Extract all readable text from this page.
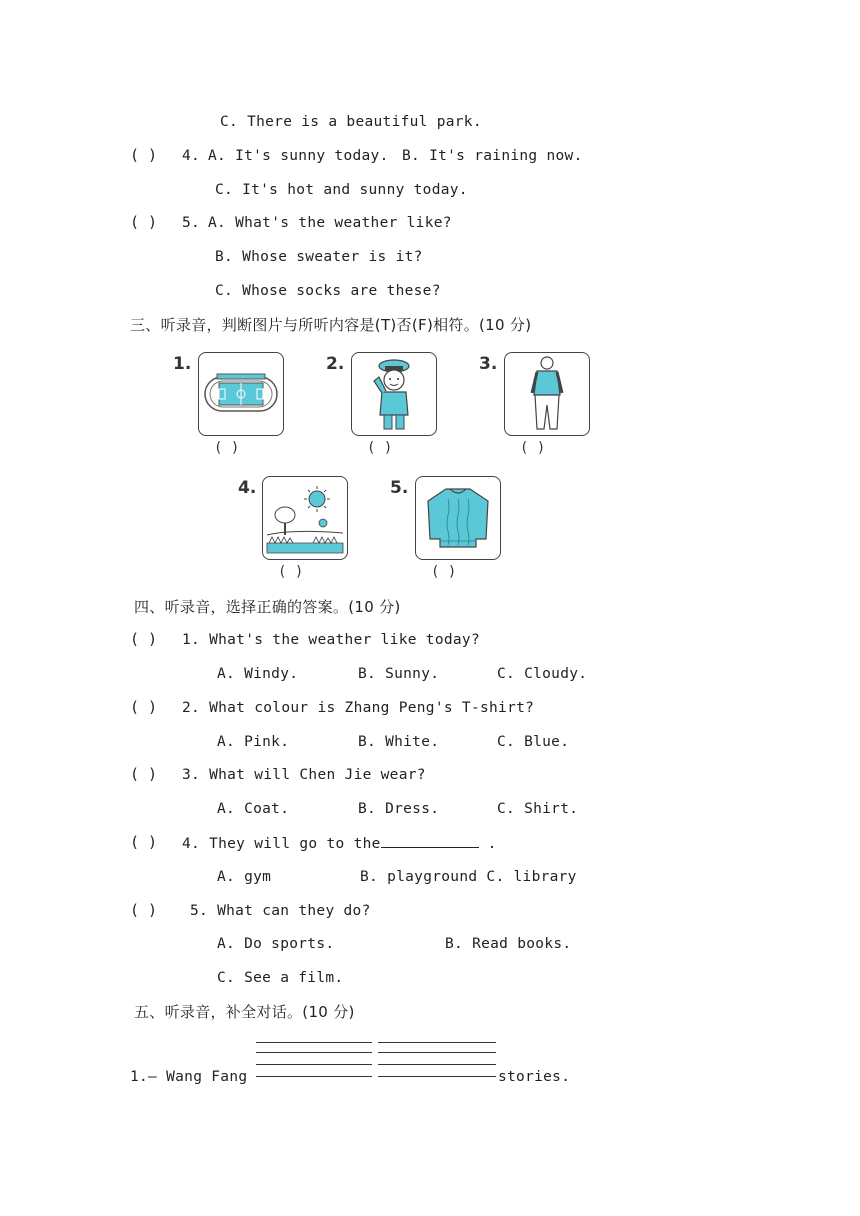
C. There is a beautiful park.
( ) 4. A. It's sunny today. B. It's raining now.
C. It's hot and sunny today.
( ) 5. A. What's the weather like?
B. Whose sweater is it?
C. Whose socks are these?
三、听录音，判断图片与所听内容是(T)否(F)相符。(10 分)
1.
( )
2.
( )
3.
( )
4.
( )
5.
( )
四、听录音，选择正确的答案。(10 分)
( ) 1. What's the weather like today?
A. Windy.	B. Sunny.	C. Cloudy.
( ) 2. What colour is Zhang Peng's T-shirt?
A. Pink.	B. White.	C. Blue.
( ) 3. What will Chen Jie wear?
A. Coat.	B. Dress.	C. Shirt.
( ) 4. They will go to the	.
A. gym	B. playground C. library
( ) 5. What can they do?
A. Do sports.	B. Read books.
C. See a film.
五、听录音，补全对话。(10 分)
1.— Wang Fang	stories.
